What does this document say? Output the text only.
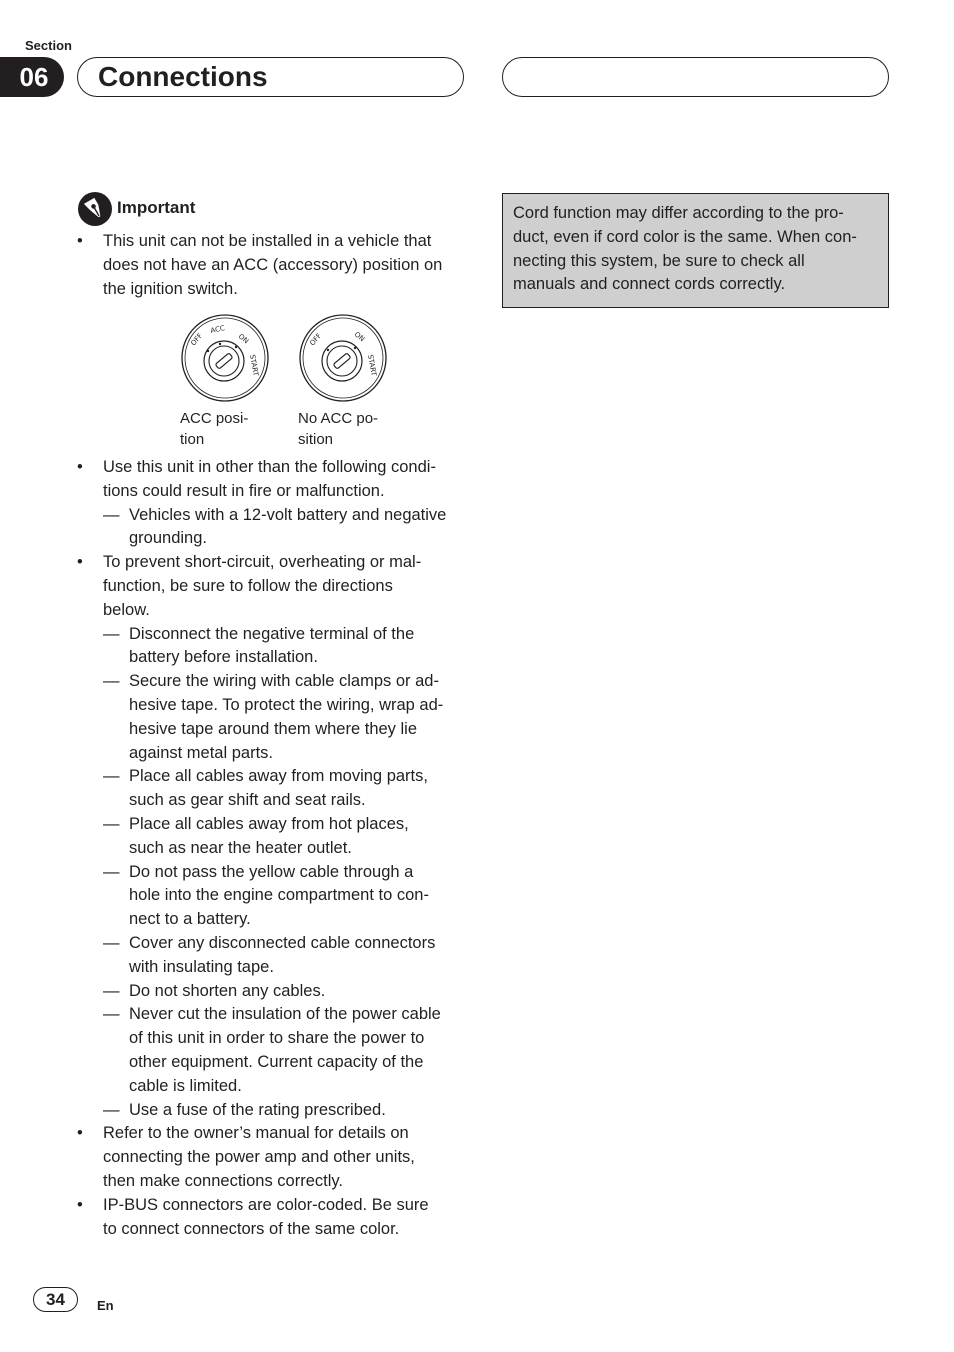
Section
06	Connections
Important
• This unit can not be installed in a vehicle that
does not have an ACC (accessory) position on
the ignition switch.
OFF
ACC
ON
START
ACC posi-
tion
OFF	ON
START
No ACC po-
sition
• Use this unit in other than the following condi-
tions could result in fire or malfunction.
— Vehicles with a 12-volt battery and negative
grounding.
• To prevent short-circuit, overheating or mal-
function, be sure to follow the directions
below.
— Disconnect the negative terminal of the
battery before installation.
— Secure the wiring with cable clamps or ad-
hesive tape. To protect the wiring, wrap ad-
hesive tape around them where they lie
against metal parts.
— Place all cables away from moving parts,
such as gear shift and seat rails.
— Place all cables away from hot places,
such as near the heater outlet.
— Do not pass the yellow cable through a
hole into the engine compartment to con-
nect to a battery.
— Cover any disconnected cable connectors
with insulating tape.
— Do not shorten any cables.
— Never cut the insulation of the power cable
of this unit in order to share the power to
other equipment. Current capacity of the
cable is limited.
— Use a fuse of the rating prescribed.
• Refer to the owner’s manual for details on
connecting the power amp and other units,
then make connections correctly.
• IP-BUS connectors are color-coded. Be sure
to connect connectors of the same color.
Cord function may differ according to the pro-
duct, even if cord color is the same. When con-
necting this system, be sure to check all
manuals and connect cords correctly.
34	En
